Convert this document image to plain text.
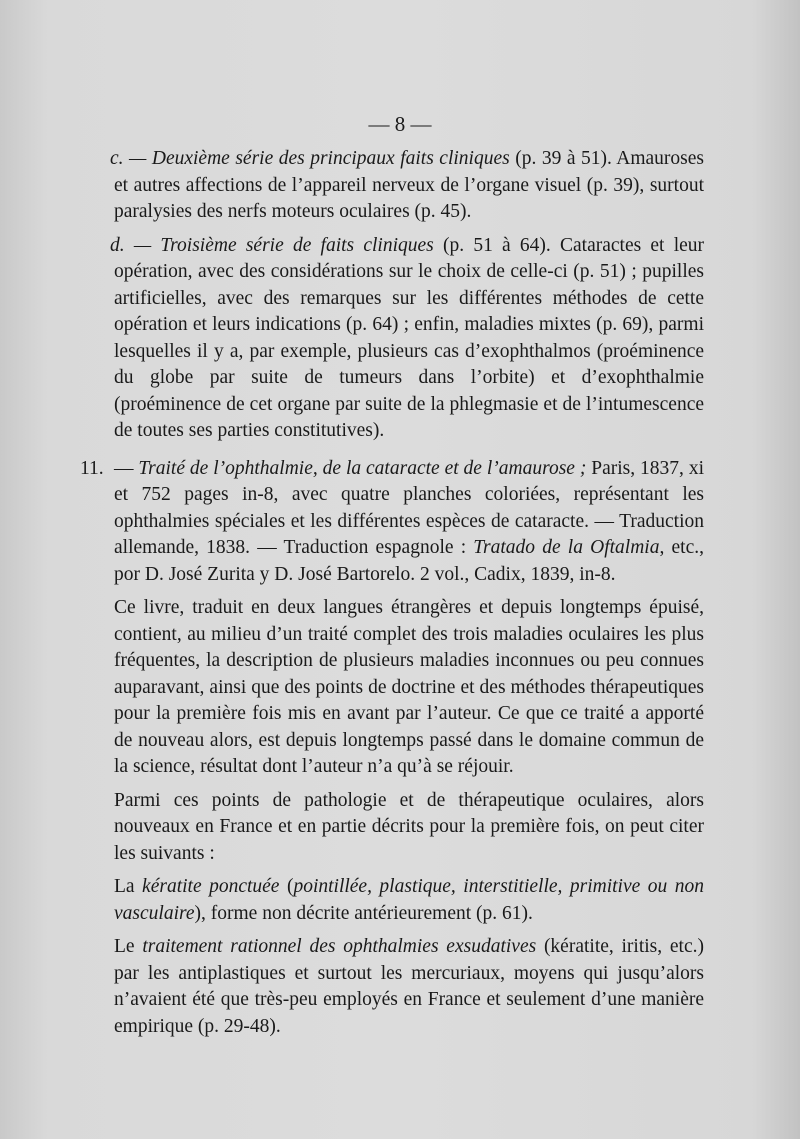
— 8 —

c. — Deuxième série des principaux faits cliniques (p. 39 à 51). Amauroses et autres affections de l’appareil nerveux de l’organe visuel (p. 39), surtout paralysies des nerfs moteurs oculaires (p. 45).

d. — Troisième série de faits cliniques (p. 51 à 64). Cataractes et leur opération, avec des considérations sur le choix de celle-ci (p. 51) ; pupilles artificielles, avec des remarques sur les différentes méthodes de cette opération et leurs indications (p. 64) ; enfin, maladies mixtes (p. 69), parmi lesquelles il y a, par exemple, plusieurs cas d’exophthalmos (proéminence du globe par suite de tumeurs dans l’orbite) et d’exophthalmie (proéminence de cet organe par suite de la phlegmasie et de l’intumescence de toutes ses parties constitutives).

11. — Traité de l’ophthalmie, de la cataracte et de l’amaurose ; Paris, 1837, xi et 752 pages in-8, avec quatre planches coloriées, représentant les ophthalmies spéciales et les différentes espèces de cataracte. — Traduction allemande, 1838. — Traduction espagnole : Tratado de la Oftalmia, etc., por D. José Zurita y D. José Bartorelo. 2 vol., Cadix, 1839, in-8.

Ce livre, traduit en deux langues étrangères et depuis longtemps épuisé, contient, au milieu d’un traité complet des trois maladies oculaires les plus fréquentes, la description de plusieurs maladies inconnues ou peu connues auparavant, ainsi que des points de doctrine et des méthodes thérapeutiques pour la première fois mis en avant par l’auteur. Ce que ce traité a apporté de nouveau alors, est depuis longtemps passé dans le domaine commun de la science, résultat dont l’auteur n’a qu’à se réjouir.

Parmi ces points de pathologie et de thérapeutique oculaires, alors nouveaux en France et en partie décrits pour la première fois, on peut citer les suivants :

La kératite ponctuée (pointillée, plastique, interstitielle, primitive ou non vasculaire), forme non décrite antérieurement (p. 61).

Le traitement rationnel des ophthalmies exsudatives (kératite, iritis, etc.) par les antiplastiques et surtout les mercuriaux, moyens qui jusqu’alors n’avaient été que très-peu employés en France et seulement d’une manière empirique (p. 29-48).
